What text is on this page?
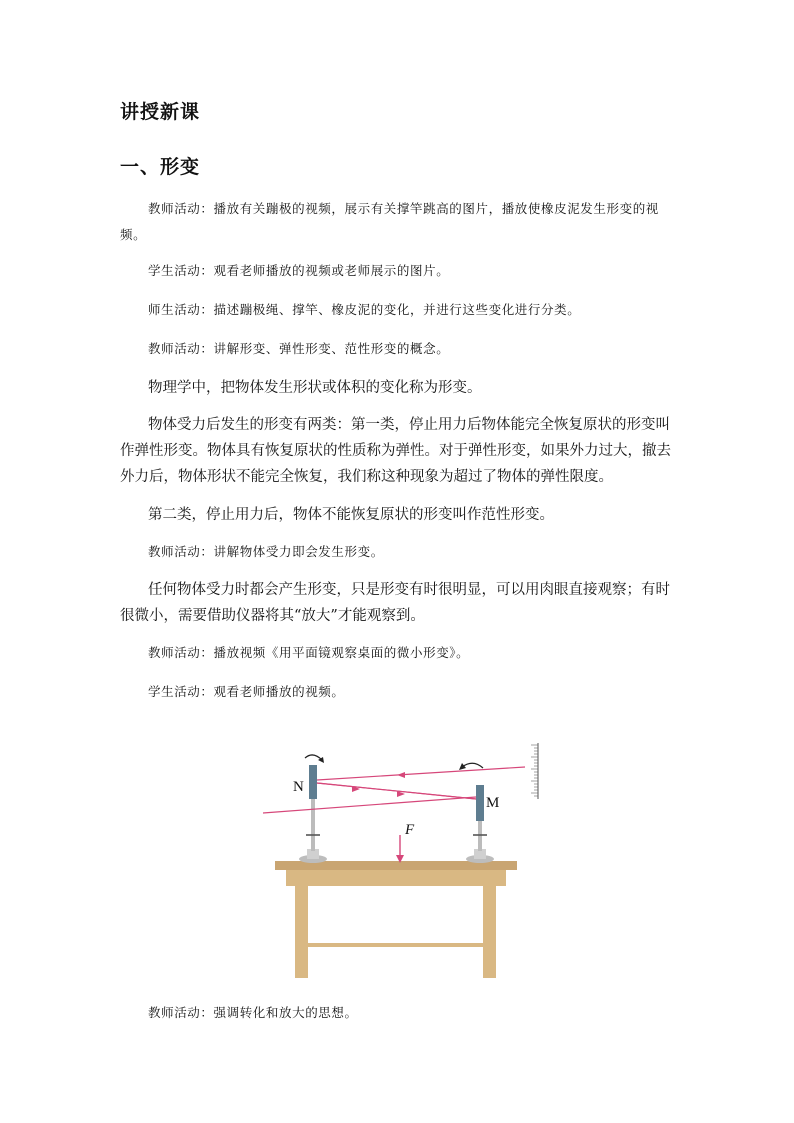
讲授新课
一、形变

教师活动：播放有关蹦极的视频，展示有关撑竿跳高的图片，播放使橡皮泥发生形变的视频。

学生活动：观看老师播放的视频或老师展示的图片。

师生活动：描述蹦极绳、撑竿、橡皮泥的变化，并进行这些变化进行分类。

教师活动：讲解形变、弹性形变、范性形变的概念。

物理学中，把物体发生形状或体积的变化称为形变。

物体受力后发生的形变有两类：第一类，停止用力后物体能完全恢复原状的形变叫作弹性形变。物体具有恢复原状的性质称为弹性。对于弹性形变，如果外力过大，撤去外力后，物体形状不能完全恢复，我们称这种现象为超过了物体的弹性限度。

第二类，停止用力后，物体不能恢复原状的形变叫作范性形变。

教师活动：讲解物体受力即会发生形变。

任何物体受力时都会产生形变，只是形变有时很明显，可以用肉眼直接观察；有时很微小，需要借助仪器将其“放大”才能观察到。

教师活动：播放视频《用平面镜观察桌面的微小形变》。

学生活动：观看老师播放的视频。

N
M
F

教师活动：强调转化和放大的思想。
